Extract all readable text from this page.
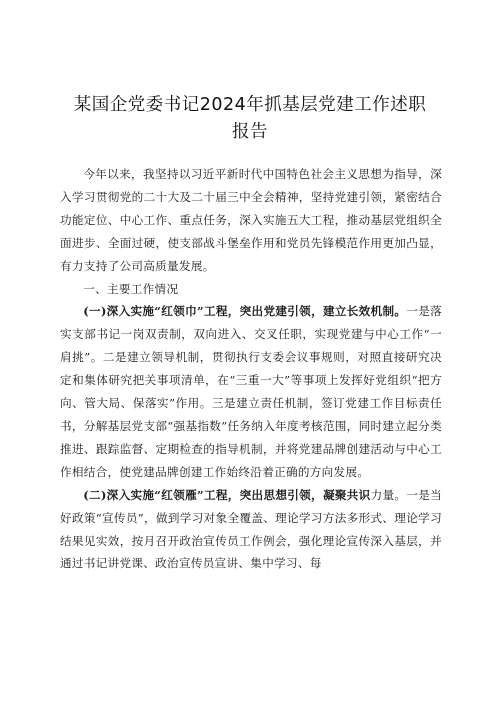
某国企党委书记2024年抓基层党建工作述职
报告

今年以来，我坚持以习近平新时代中国特色社会主义思想为指导，深入学习贯彻党的二十大及二十届三中全会精神，坚持党建引领，紧密结合功能定位、中心工作、重点任务，深入实施五大工程，推动基层党组织全面进步、全面过硬，使支部战斗堡垒作用和党员先锋模范作用更加凸显，有力支持了公司高质量发展。

一、主要工作情况

(一)深入实施“红领巾”工程，突出党建引领，建立长效机制。一是落实支部书记一岗双责制，双向进入、交叉任职，实现党建与中心工作“一肩挑”。二是建立领导机制，贯彻执行支委会议事规则，对照直接研究决定和集体研究把关事项清单，在“三重一大”等事项上发挥好党组织“把方向、管大局、保落实”作用。三是建立责任机制，签订党建工作目标责任书，分解基层党支部“强基指数”任务纳入年度考核范围，同时建立起分类推进、跟踪监督、定期检查的指导机制，并将党建品牌创建活动与中心工作相结合，使党建品牌创建工作始终沿着正确的方向发展。

(二)深入实施“红领雁”工程，突出思想引领，凝聚共识力量。一是当好政策“宣传员”，做到学习对象全覆盖、理论学习方法多形式、理论学习结果见实效，按月召开政治宣传员工作例会，强化理论宣传深入基层，并通过书记讲党课、政治宣传员宣讲、集中学习、每
